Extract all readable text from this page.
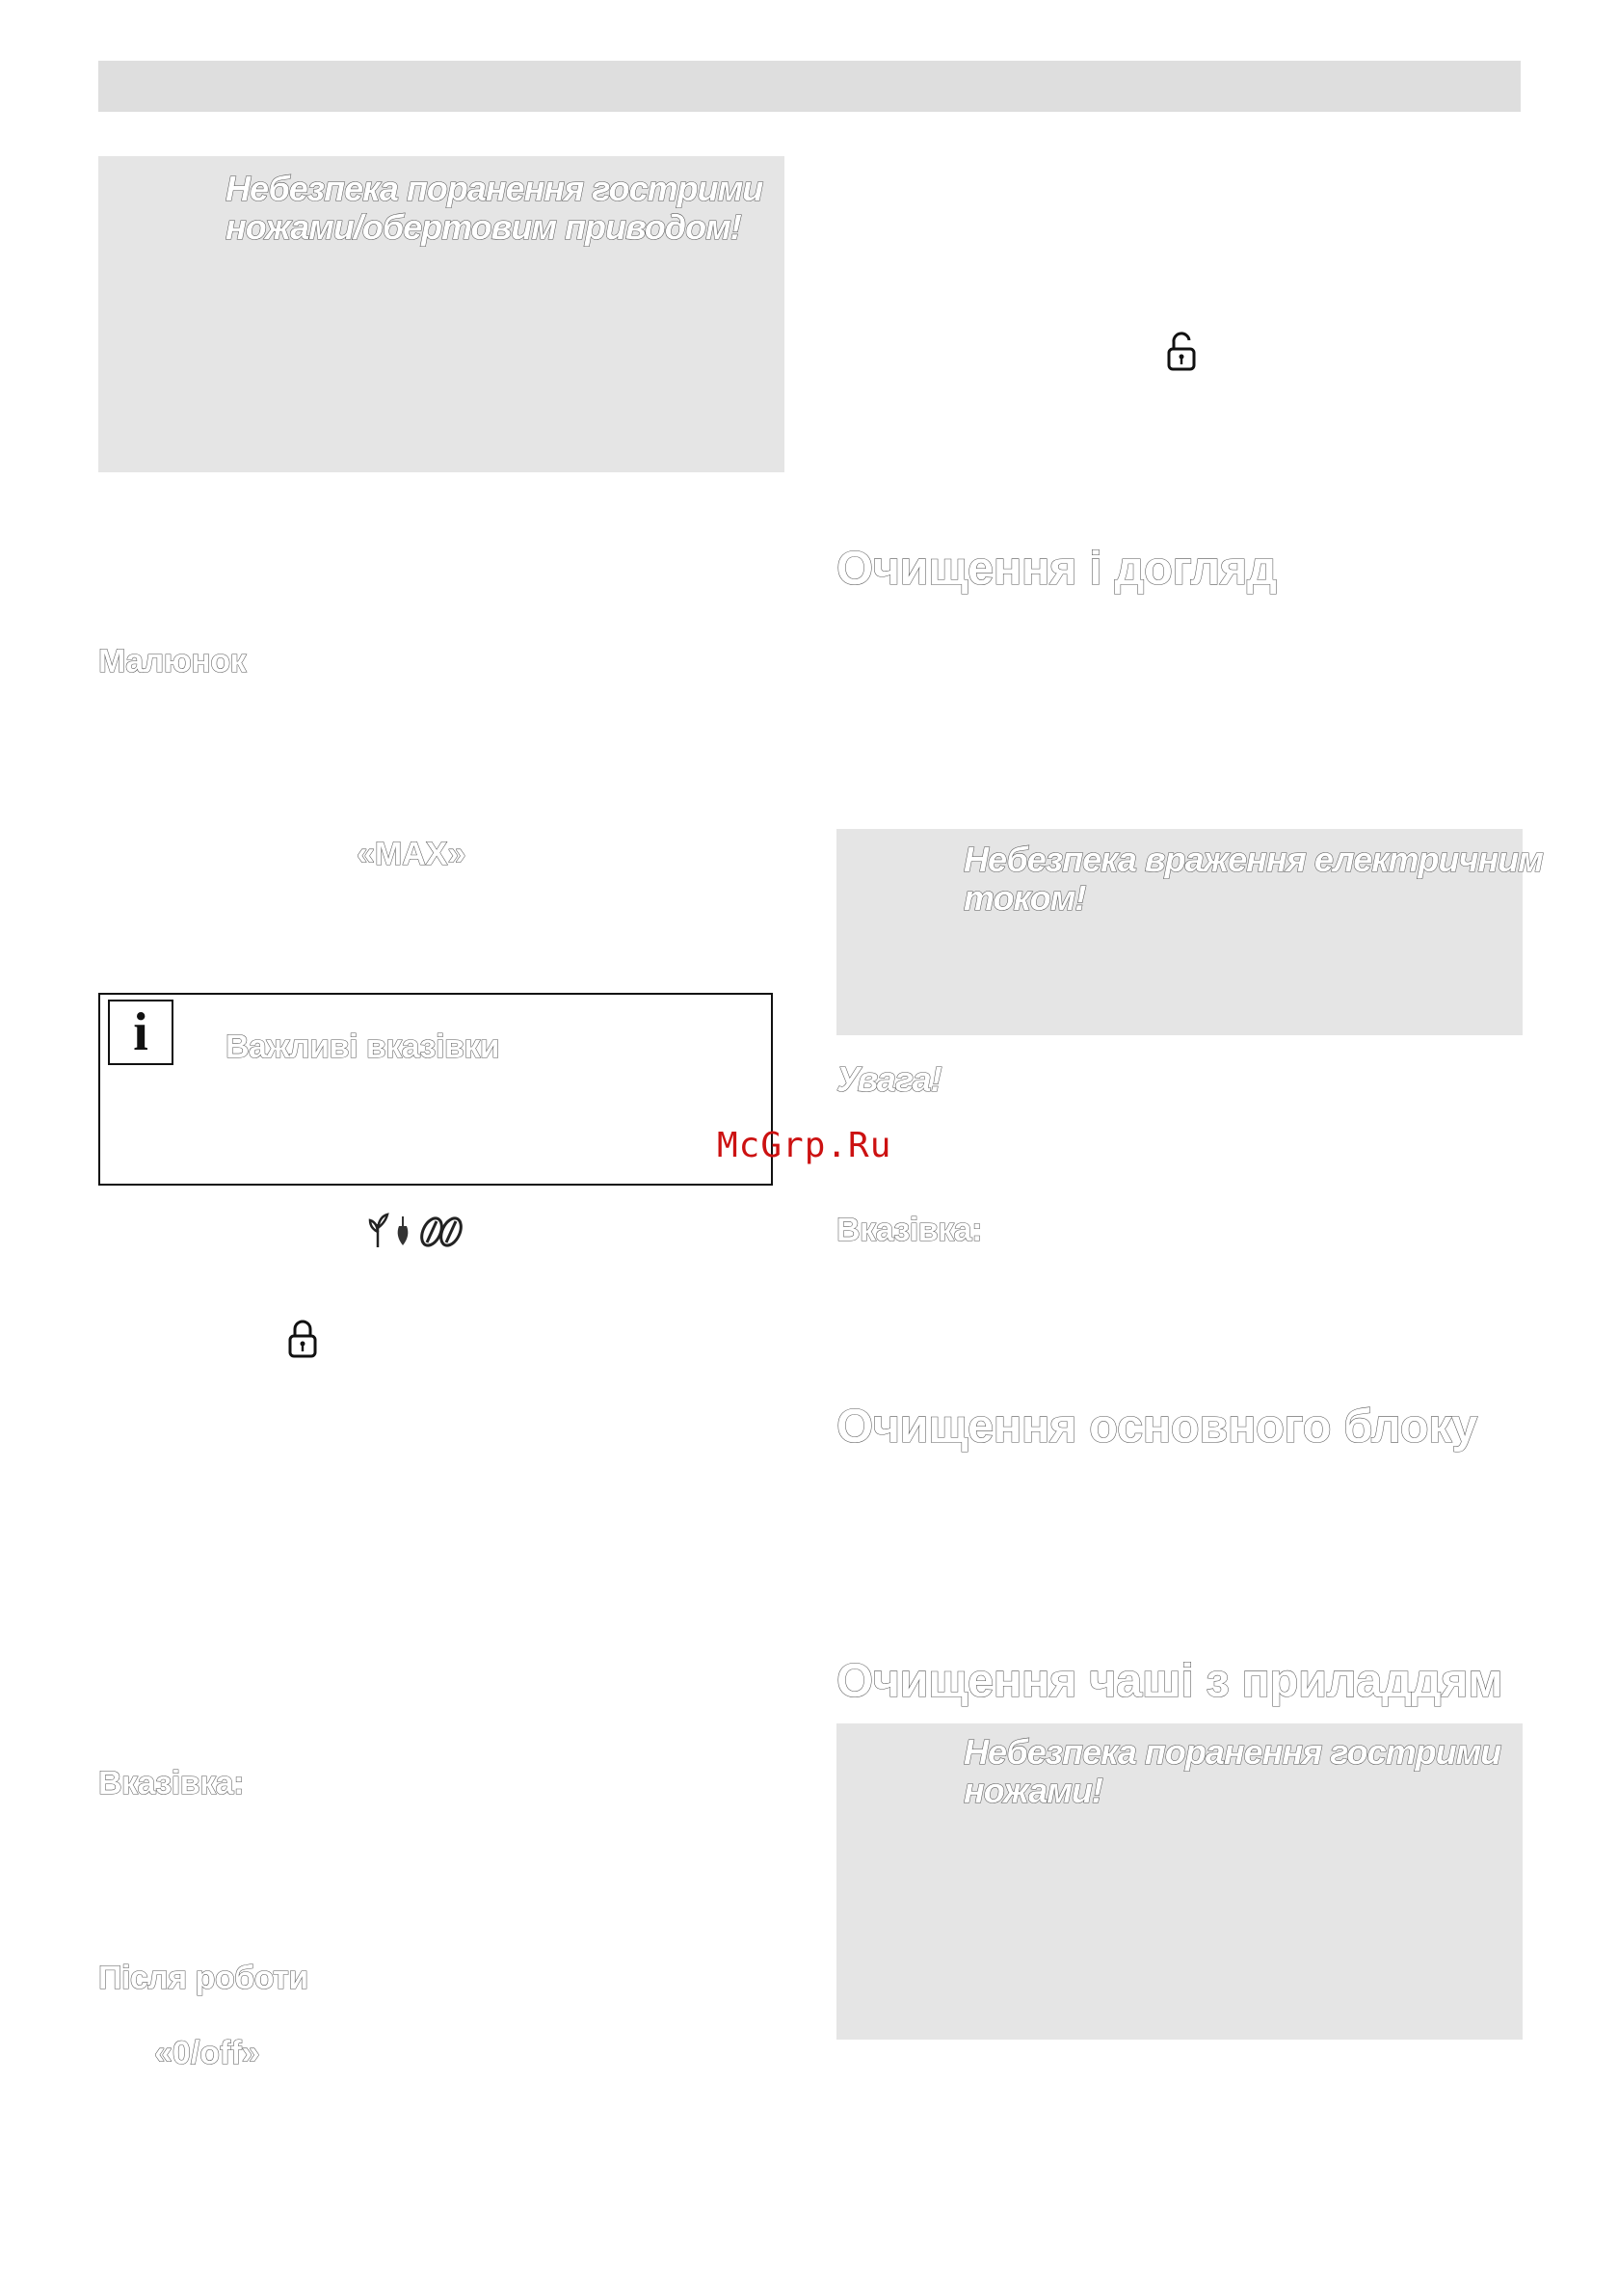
Небезпека поранення гострими
ножами/обертовим приводом!
Малюнок
«MAX»
i	Важливі вказівки
Вказівка:
Після роботи
«0/off»
Очищення і догляд
Небезпека враження електричним
током!
Увага!
McGrp.Ru
Вказівка:
Очищення основного блоку
Очищення чаші з приладдям
Небезпека поранення гострими
ножами!
